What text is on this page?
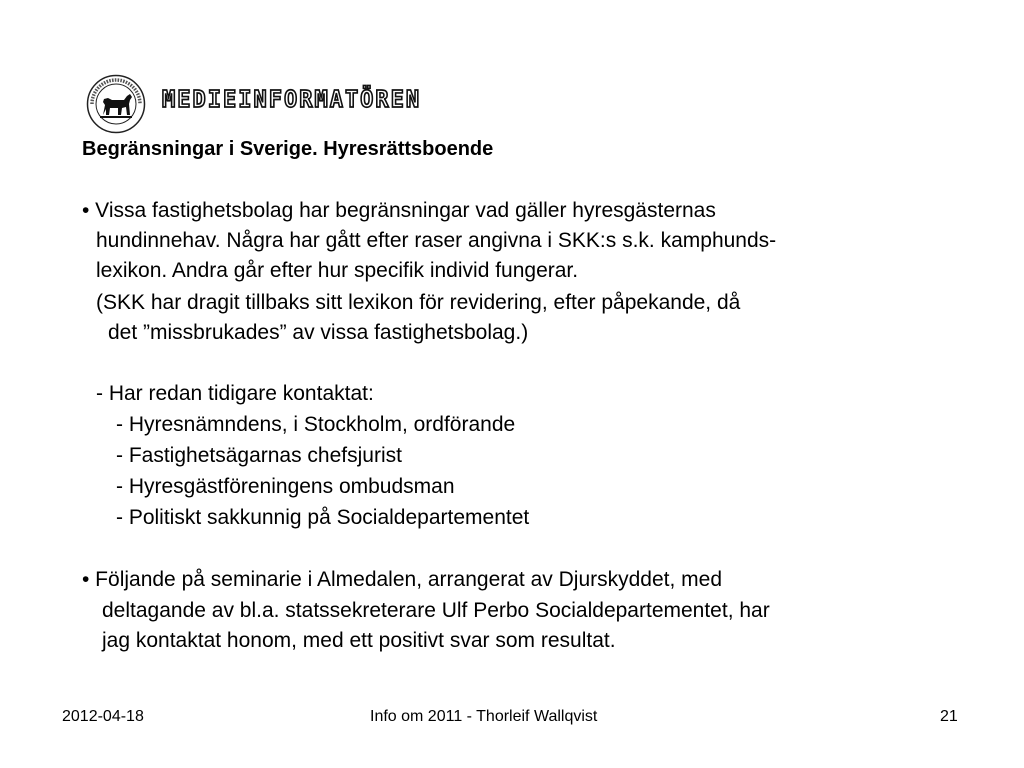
MEDIEINFORMATÖREN
Begränsningar i Sverige. Hyresrättsboende
• Vissa fastighetsbolag har begränsningar vad gäller hyresgästernas
hundinnehav. Några har gått efter raser angivna i SKK:s s.k. kamphunds-
lexikon. Andra går efter hur specifik individ fungerar.
(SKK har dragit tillbaks sitt lexikon för revidering, efter påpekande, då
det ”missbrukades” av vissa fastighetsbolag.)
- Har redan tidigare kontaktat:
- Hyresnämndens, i Stockholm, ordförande
- Fastighetsägarnas chefsjurist
- Hyresgästföreningens ombudsman
- Politiskt sakkunnig på Socialdepartementet
• Följande på seminarie i Almedalen, arrangerat av Djurskyddet, med
deltagande av bl.a. statssekreterare Ulf Perbo Socialdepartementet, har
jag kontaktat honom, med ett positivt svar som resultat.
2012-04-18	Info om 2011 - Thorleif Wallqvist	21
